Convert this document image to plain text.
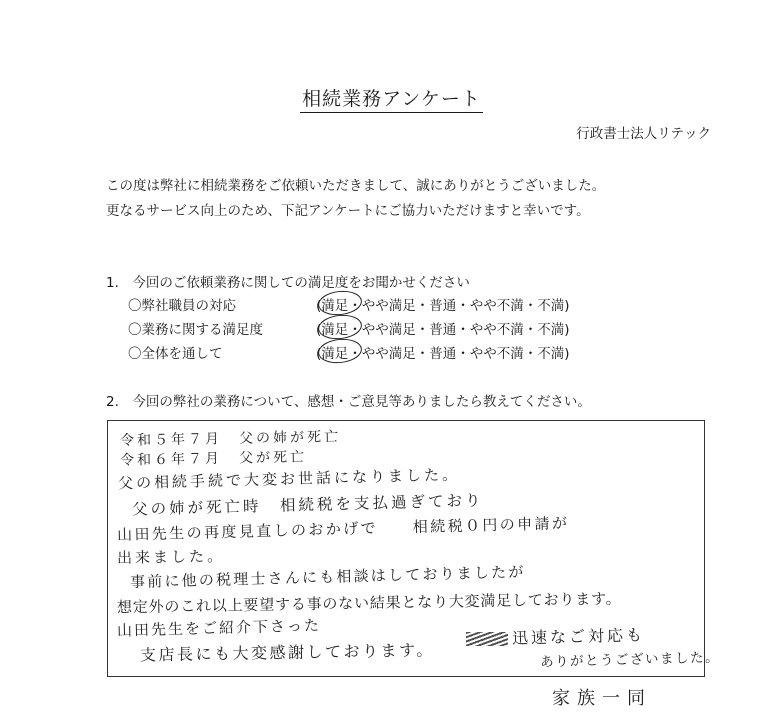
相続業務アンケート
行政書士法人リテック
この度は弊社に相続業務をご依頼いただきまして、誠にありがとうございました。
更なるサービス向上のため、下記アンケートにご協力いただけますと幸いです。
1.　今回のご依頼業務に関しての満足度をお聞かせください
〇弊社職員の対応	(満足・やや満足・普通・やや不満・不満)
〇業務に関する満足度	(満足・やや満足・普通・やや不満・不満)
〇全体を通して	(満足・やや満足・普通・やや不満・不満)
2.　今回の弊社の業務について、感想・ご意見等ありましたら教えてください。
令和５年７月　父の姉が死亡
令和６年７月　父が死亡
父の相続手続で大変お世話になりました。
父の姉が死亡時　相続税を支払過ぎており
山田先生の再度見直しのおかげで　　相続税０円の申請が
出来ました。
事前に他の税理士さんにも相談はしておりましたが
想定外のこれ以上要望する事のない結果となり大変満足しております。
山田先生をご紹介下さった
支店長にも大変感謝しております。
迅速なご対応も
ありがとうございました。
家族一同
